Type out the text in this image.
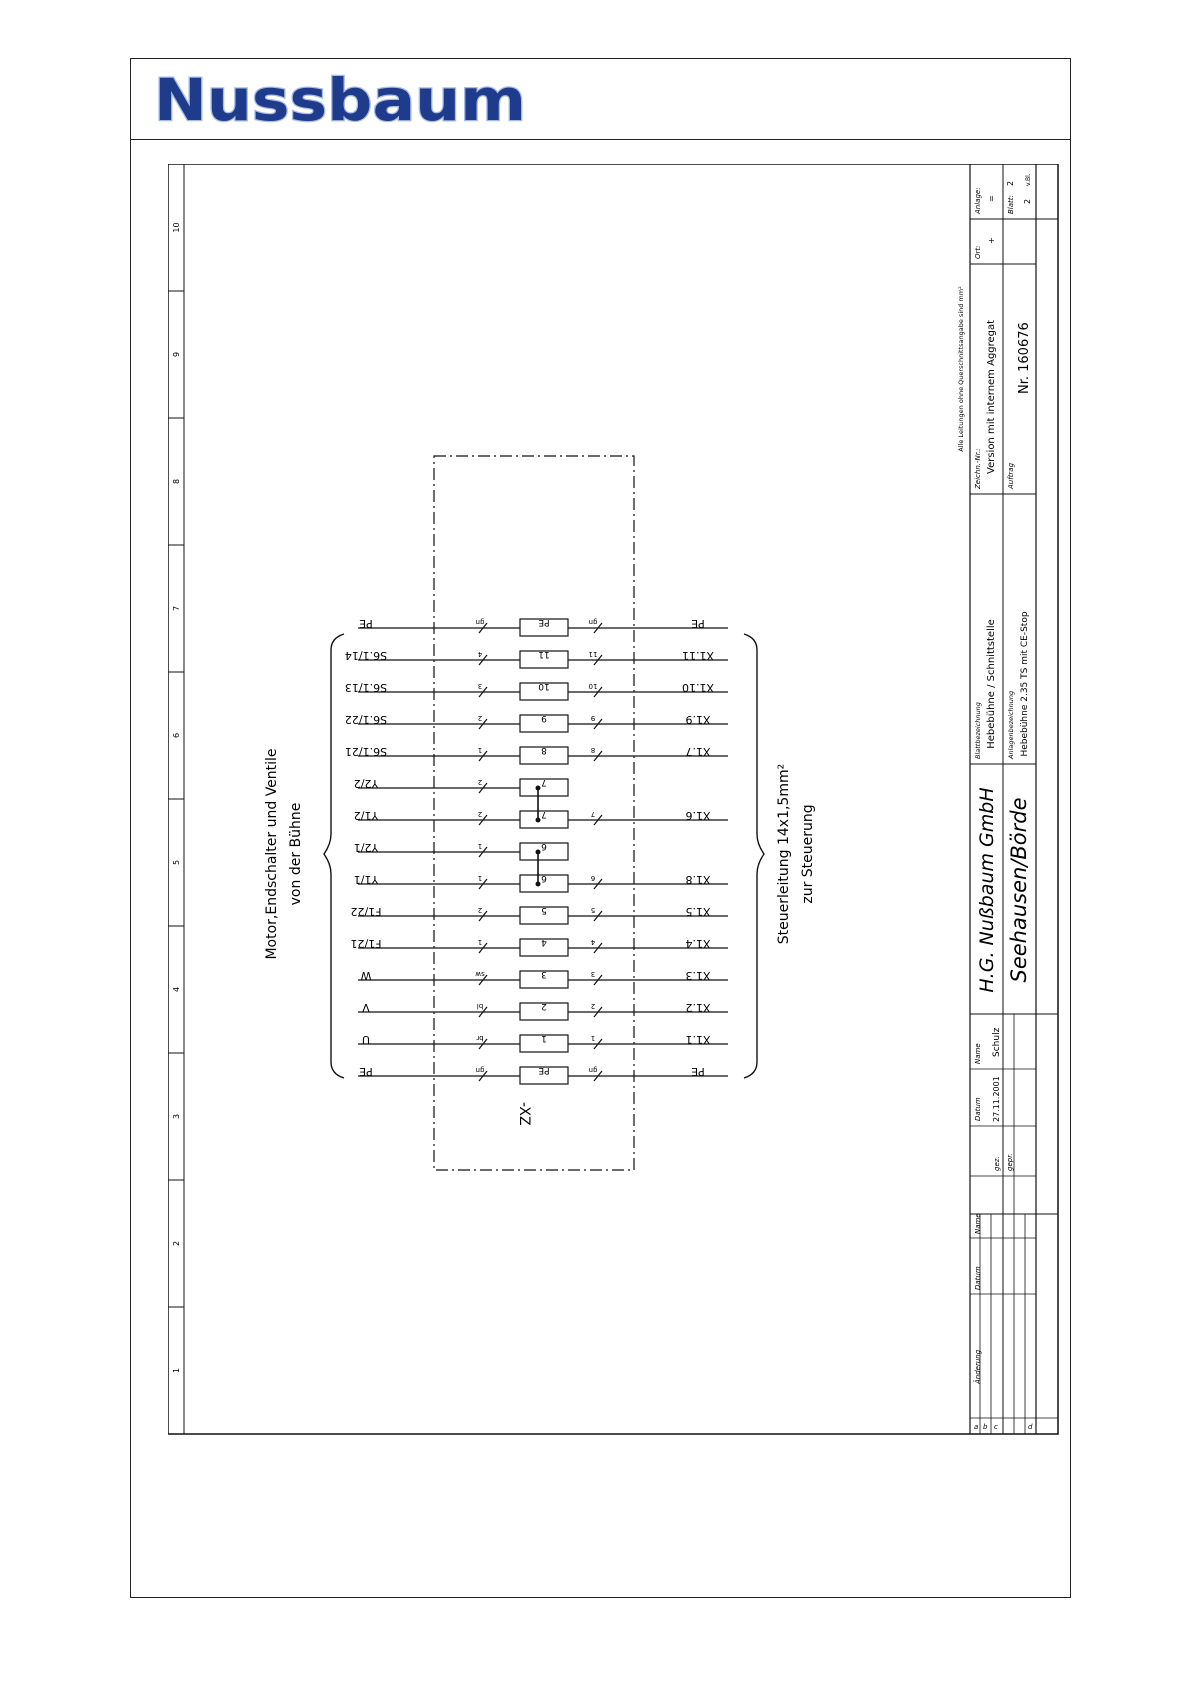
Nussbaum
10
9
8
7
6
5
4
3
2
1
Motor,Endschalter und Ventile von der Bühne	Steuerleitung 14x1,5mm² zur Steuerung
PE	gn	PE	gn	PE
S6.1/14	4	11	11	X1.11
S6.1/13	3	10	10	X1.10
S6.1/22	2	9	9	X1.9
S6.1/21	1	8	8	X1.7
Y2/2	2	7
Y1/2	2	7	7	X1.6
Y2/1	1	6
Y1/1	1	6	6	X1.8
F1/22	2	5	5	X1.5
F1/21	1	4	4	X1.4
W	sw	3	3	X1.3
V	bl	2	2	X1.2
U	br	1	1	X1.1
PE	gn	PE	gn	PE
-XZ
Alle Leitungen ohne Querschnittsangabe sind mm²
Zeichn.-Nr.: Version mit internem Aggregat
Ort:
+
Anlage: =
Auftrag
Nr. 160676
Blatt:
2
2
v.Bl.
Blattbezeichnung Hebebühne / Schnittstelle Anlagenbezeichnung Hebebühne 2.35 TS mit CE-Stop
H.G. Nußbaum GmbH Seehausen/Börde
Name Schulz
Datum 27.11.2001
gez. gepr.
Name
Datum
Änderung
a b c	d
